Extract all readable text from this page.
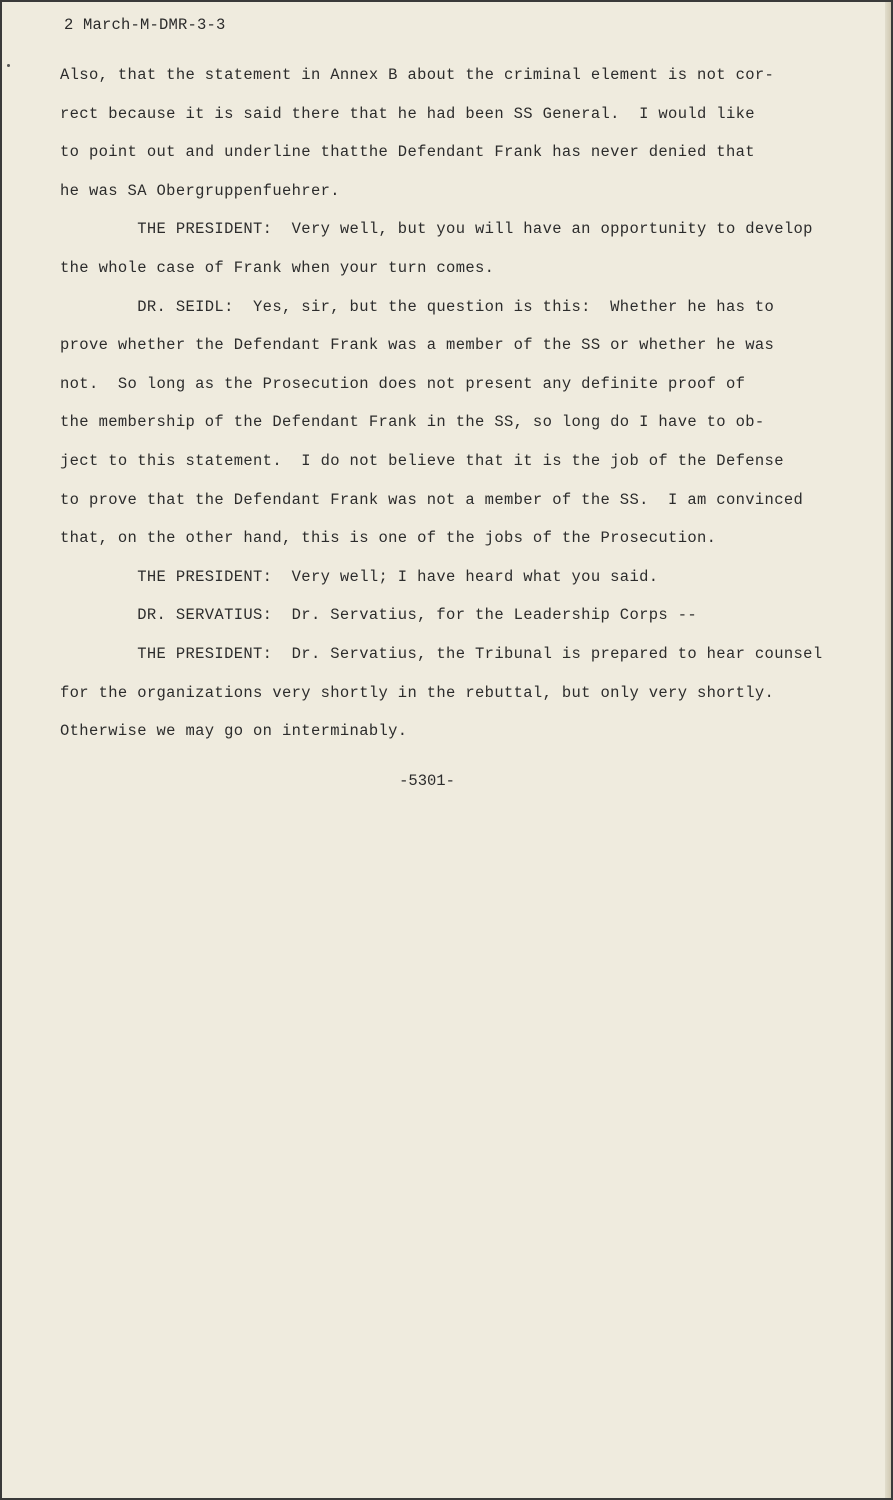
2 March-M-DMR-3-3
Also, that the statement in Annex B about the criminal element is not cor-
rect because it is said there that he had been SS General.  I would like
to point out and underline thatthe Defendant Frank has never denied that
he was SA Obergruppenfuehrer.
THE PRESIDENT:  Very well, but you will have an opportunity to develop
the whole case of Frank when your turn comes.
DR. SEIDL:  Yes, sir, but the question is this:  Whether he has to
prove whether the Defendant Frank was a member of the SS or whether he was
not.  So long as the Prosecution does not present any definite proof of
the membership of the Defendant Frank in the SS, so long do I have to ob-
ject to this statement.  I do not believe that it is the job of the Defense
to prove that the Defendant Frank was not a member of the SS.  I am convinced
that, on the other hand, this is one of the jobs of the Prosecution.
THE PRESIDENT:  Very well; I have heard what you said.
DR. SERVATIUS:  Dr. Servatius, for the Leadership Corps --
THE PRESIDENT:  Dr. Servatius, the Tribunal is prepared to hear counsel
for the organizations very shortly in the rebuttal, but only very shortly.
Otherwise we may go on interminably.
-5301-
